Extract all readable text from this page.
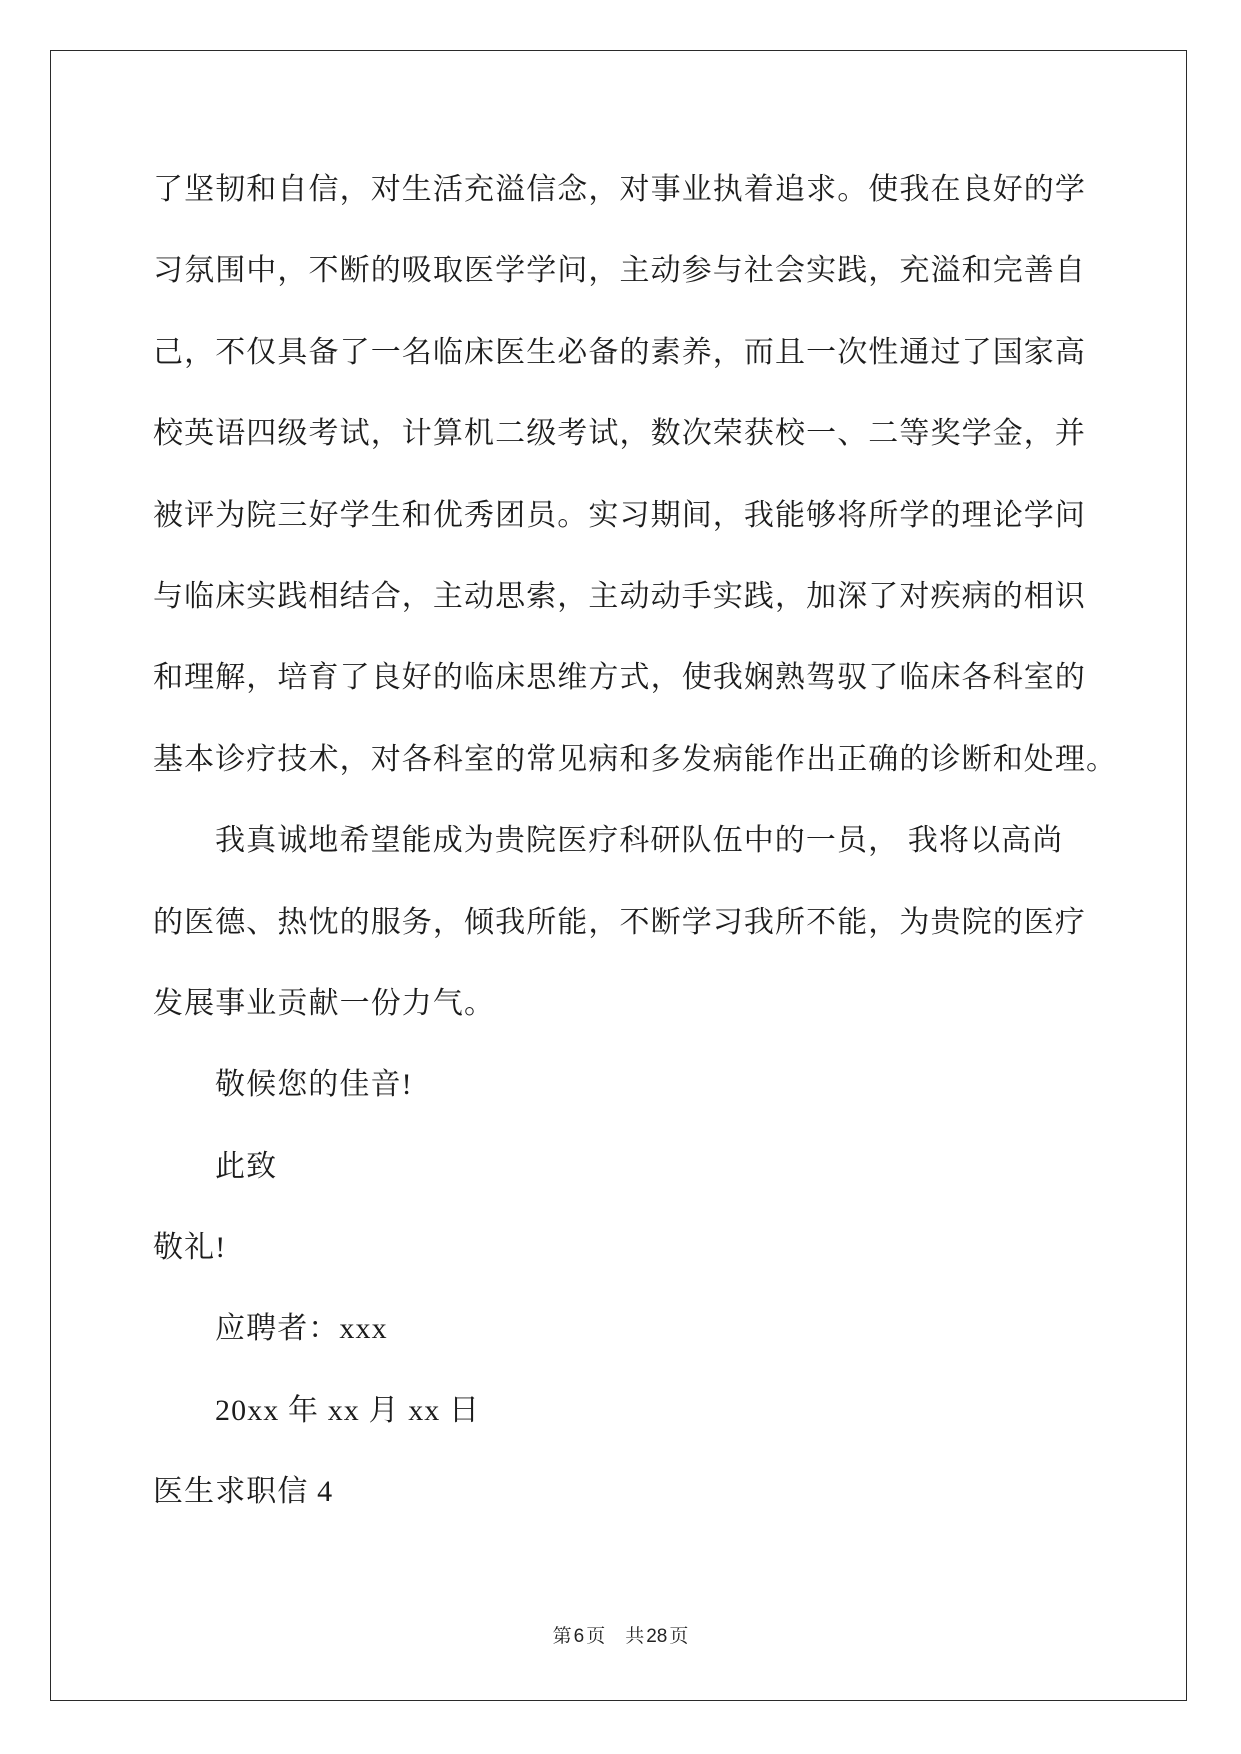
了坚韧和自信，对生活充溢信念，对事业执着追求。使我在良好的学
习氛围中，不断的吸取医学学问，主动参与社会实践，充溢和完善自
己，不仅具备了一名临床医生必备的素养，而且一次性通过了国家高
校英语四级考试，计算机二级考试，数次荣获校一、二等奖学金，并
被评为院三好学生和优秀团员。实习期间，我能够将所学的理论学问
与临床实践相结合，主动思索，主动动手实践，加深了对疾病的相识
和理解，培育了良好的临床思维方式，使我娴熟驾驭了临床各科室的
基本诊疗技术，对各科室的常见病和多发病能作出正确的诊断和处理。
我真诚地希望能成为贵院医疗科研队伍中的一员， 我将以高尚
的医德、热忱的服务，倾我所能，不断学习我所不能，为贵院的医疗
发展事业贡献一份力气。
敬候您的佳音!
此致
敬礼!
应聘者：xxx
20xx 年 xx 月 xx 日
医生求职信 4
第 6 页 共 28 页
